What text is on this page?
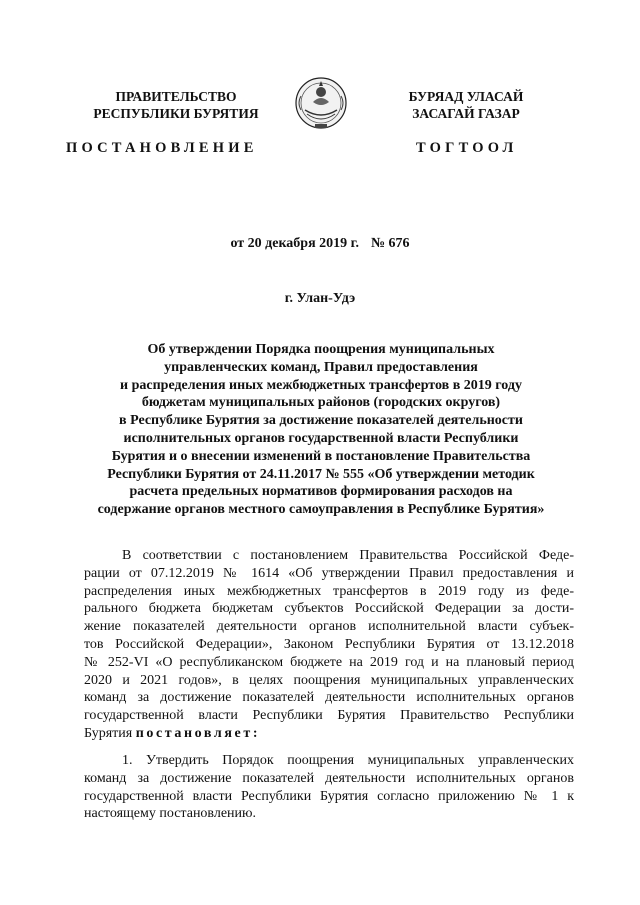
ПРАВИТЕЛЬСТВО
РЕСПУБЛИКИ БУРЯТИЯ
БУРЯАД УЛАСАЙ
ЗАСАГАЙ ГАЗАР
ПОСТАНОВЛЕНИЕ	ТОГТООЛ
от 20 декабря 2019 г. № 676
г. Улан-Удэ
Об утверждении Порядка поощрения муниципальных
управленческих команд, Правил предоставления
и распределения иных межбюджетных трансфертов в 2019 году
бюджетам муниципальных районов (городских округов)
в Республике Бурятия за достижение показателей деятельности
исполнительных органов государственной власти Республики
Бурятия и о внесении изменений в постановление Правительства
Республики Бурятия от 24.11.2017 № 555 «Об утверждении методик
расчета предельных нормативов формирования расходов на
содержание органов местного самоуправления в Республике Бурятия»
В соответствии с постановлением Правительства Российской Феде-
рации от 07.12.2019 № 1614 «Об утверждении Правил предоставления и
распределения иных межбюджетных трансфертов в 2019 году из феде-
рального бюджета бюджетам субъектов Российской Федерации за дости-
жение показателей деятельности органов исполнительной власти субъек-
тов Российской Федерации», Законом Республики Бурятия от 13.12.2018
№ 252-VI «О республиканском бюджете на 2019 год и на плановый период
2020 и 2021 годов», в целях поощрения муниципальных управленческих
команд за достижение показателей деятельности исполнительных органов
государственной власти Республики Бурятия Правительство Республики
Бурятия постановляет:
1. Утвердить Порядок поощрения муниципальных управленческих
команд за достижение показателей деятельности исполнительных органов
государственной власти Республики Бурятия согласно приложению № 1 к
настоящему постановлению.
